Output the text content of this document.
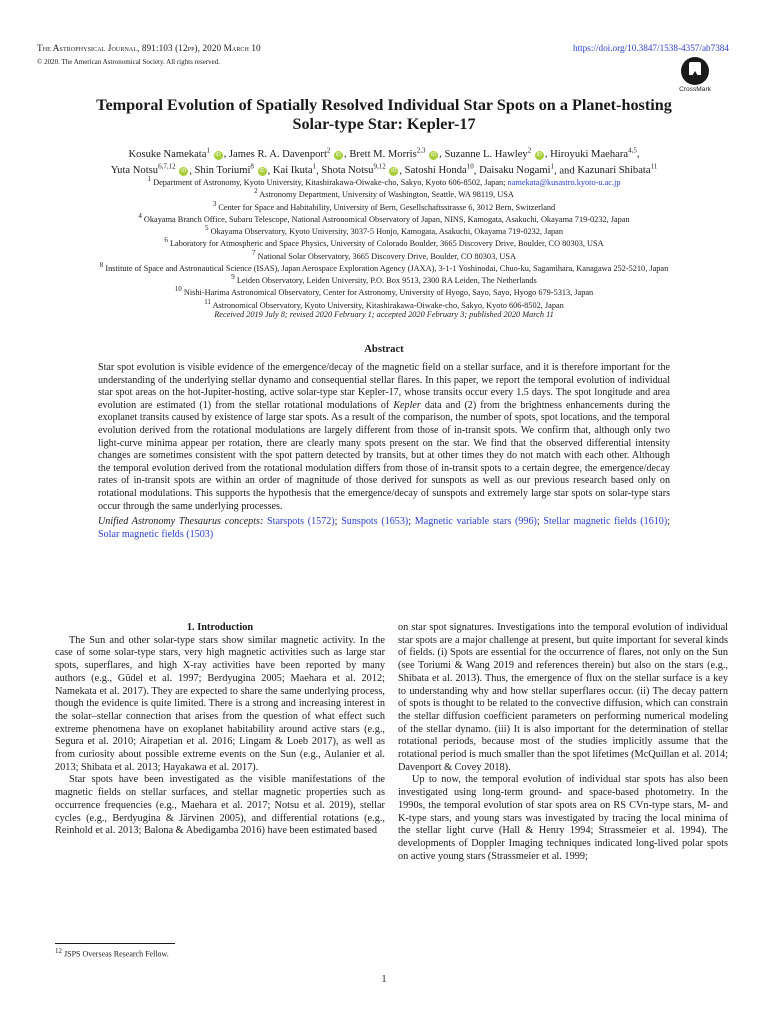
The Astrophysical Journal, 891:103 (12pp), 2020 March 10
© 2020. The American Astronomical Society. All rights reserved.
https://doi.org/10.3847/1538-4357/ab7384
CrossMark
Temporal Evolution of Spatially Resolved Individual Star Spots on a Planet-hosting
Solar-type Star: Kepler-17
Kosuke Namekata$^1$ iD , James R. A. Davenport$^2$ iD , Brett M. Morris$^{2,3}$ iD , Suzanne L. Hawley$^2$ iD , Hiroyuki Maehara$^{4,5}$,
Yuta Notsu$^{6,7,12}$ iD , Shin Toriumi$^8$ iD , Kai Ikuta$^1$, Shota Notsu$^{9,12}$ iD , Satoshi Honda$^{10}$, Daisaku Nogami$^1$, and Kazunari Shibata$^{11}$
$^1$ Department of Astronomy, Kyoto University, Kitashirakawa-Oiwake-cho, Sakyo, Kyoto 606-8502, Japan; namekata@kusastro.kyoto-u.ac.jp
$^2$ Astronomy Department, University of Washington, Seattle, WA 98119, USA
$^3$ Center for Space and Habitability, University of Bern, Gesellschaftsstrasse 6, 3012 Bern, Switzerland
$^4$ Okayama Branch Office, Subaru Telescope, National Astronomical Observatory of Japan, NINS, Kamogata, Asakuchi, Okayama 719-0232, Japan
$^5$ Okayama Observatory, Kyoto University, 3037-5 Honjo, Kamogata, Asakuchi, Okayama 719-0232, Japan
$^6$ Laboratory for Atmospheric and Space Physics, University of Colorado Boulder, 3665 Discovery Drive, Boulder, CO 80303, USA
$^7$ National Solar Observatory, 3665 Discovery Drive, Boulder, CO 80303, USA
$^8$ Institute of Space and Astronautical Science (ISAS), Japan Aerospace Exploration Agency (JAXA), 3-1-1 Yoshinodai, Chuo-ku, Sagamihara, Kanagawa 252-5210, Japan
$^9$ Leiden Observatory, Leiden University, P.O. Box 9513, 2300 RA Leiden, The Netherlands
$^{10}$ Nishi-Harima Astronomical Observatory, Center for Astronomy, University of Hyogo, Sayo, Sayo, Hyogo 679-5313, Japan
$^{11}$ Astronomical Observatory, Kyoto University, Kitashirakawa-Oiwake-cho, Sakyo, Kyoto 606-8502, Japan
Received 2019 July 8; revised 2020 February 1; accepted 2020 February 3; published 2020 March 11
Abstract

Star spot evolution is visible evidence of the emergence/decay of the magnetic field on a stellar surface, and it is therefore important for the understanding of the underlying stellar dynamo and consequential stellar flares. In this paper, we report the temporal evolution of individual star spot areas on the hot-Jupiter-hosting, active solar-type star Kepler-17, whose transits occur every 1.5 days. The spot longitude and area evolution are estimated (1) from the stellar rotational modulations of Kepler data and (2) from the brightness enhancements during the exoplanet transits caused by existence of large star spots. As a result of the comparison, the number of spots, spot locations, and the temporal evolution derived from the rotational modulations are largely different from those of in-transit spots. We confirm that, although only two light-curve minima appear per rotation, there are clearly many spots present on the star. We find that the observed differential intensity changes are sometimes consistent with the spot pattern detected by transits, but at other times they do not match with each other. Although the temporal evolution derived from the rotational modulation differs from those of in-transit spots to a certain degree, the emergence/decay rates of in-transit spots are within an order of magnitude of those derived for sunspots as well as our previous research based only on rotational modulations. This supports the hypothesis that the emergence/decay of sunspots and extremely large star spots on solar-type stars occur through the same underlying processes.

Unified Astronomy Thesaurus concepts: Starspots (1572); Sunspots (1653); Magnetic variable stars (996); Stellar magnetic fields (1610); Solar magnetic fields (1503)

1. Introduction

The Sun and other solar-type stars show similar magnetic activity. In the case of some solar-type stars, very high magnetic activities such as large star spots, superflares, and high X-ray activities have been reported by many authors (e.g., Güdel et al. 1997; Berdyugina 2005; Maehara et al. 2012; Namekata et al. 2017). They are expected to share the same underlying process, though the evidence is quite limited. There is a strong and increasing interest in the solar–stellar connection that arises from the question of what effect such extreme phenomena have on exoplanet habitability around active stars (e.g., Segura et al. 2010; Airapetian et al. 2016; Lingam & Loeb 2017), as well as from curiosity about possible extreme events on the Sun (e.g., Aulanier et al. 2013; Shibata et al. 2013; Hayakawa et al. 2017).

Star spots have been investigated as the visible manifestations of the magnetic fields on stellar surfaces, and stellar magnetic properties such as occurrence frequencies (e.g., Maehara et al. 2017; Notsu et al. 2019), stellar cycles (e.g., Berdyugina & Järvinen 2005), and differential rotations (e.g., Reinhold et al. 2013; Balona & Abedigamba 2016) have been estimated based

on star spot signatures. Investigations into the temporal evolution of individual star spots are a major challenge at present, but quite important for several kinds of fields. (i) Spots are essential for the occurrence of flares, not only on the Sun (see Toriumi & Wang 2019 and references therein) but also on the stars (e.g., Shibata et al. 2013). Thus, the emergence of flux on the stellar surface is a key to understanding why and how stellar superflares occur. (ii) The decay pattern of spots is thought to be related to the convective diffusion, which can constrain the stellar diffusion coefficient parameters on performing numerical modeling of the stellar dynamo. (iii) It is also important for the determination of stellar rotational periods, because most of the studies implicitly assume that the rotational period is much smaller than the spot lifetimes (McQuillan et al. 2014; Davenport & Covey 2018).

Up to now, the temporal evolution of individual star spots has also been investigated using long-term ground- and space-based photometry. In the 1990s, the temporal evolution of star spots area on RS CVn-type stars, M- and K-type stars, and young stars was investigated by tracing the local minima of the stellar light curve (Hall & Henry 1994; Strassmeier et al. 1994). The developments of Doppler Imaging techniques indicated long-lived polar spots on active young stars (Strassmeier et al. 1999;

$^{12}$ JSPS Overseas Research Fellow.
1
